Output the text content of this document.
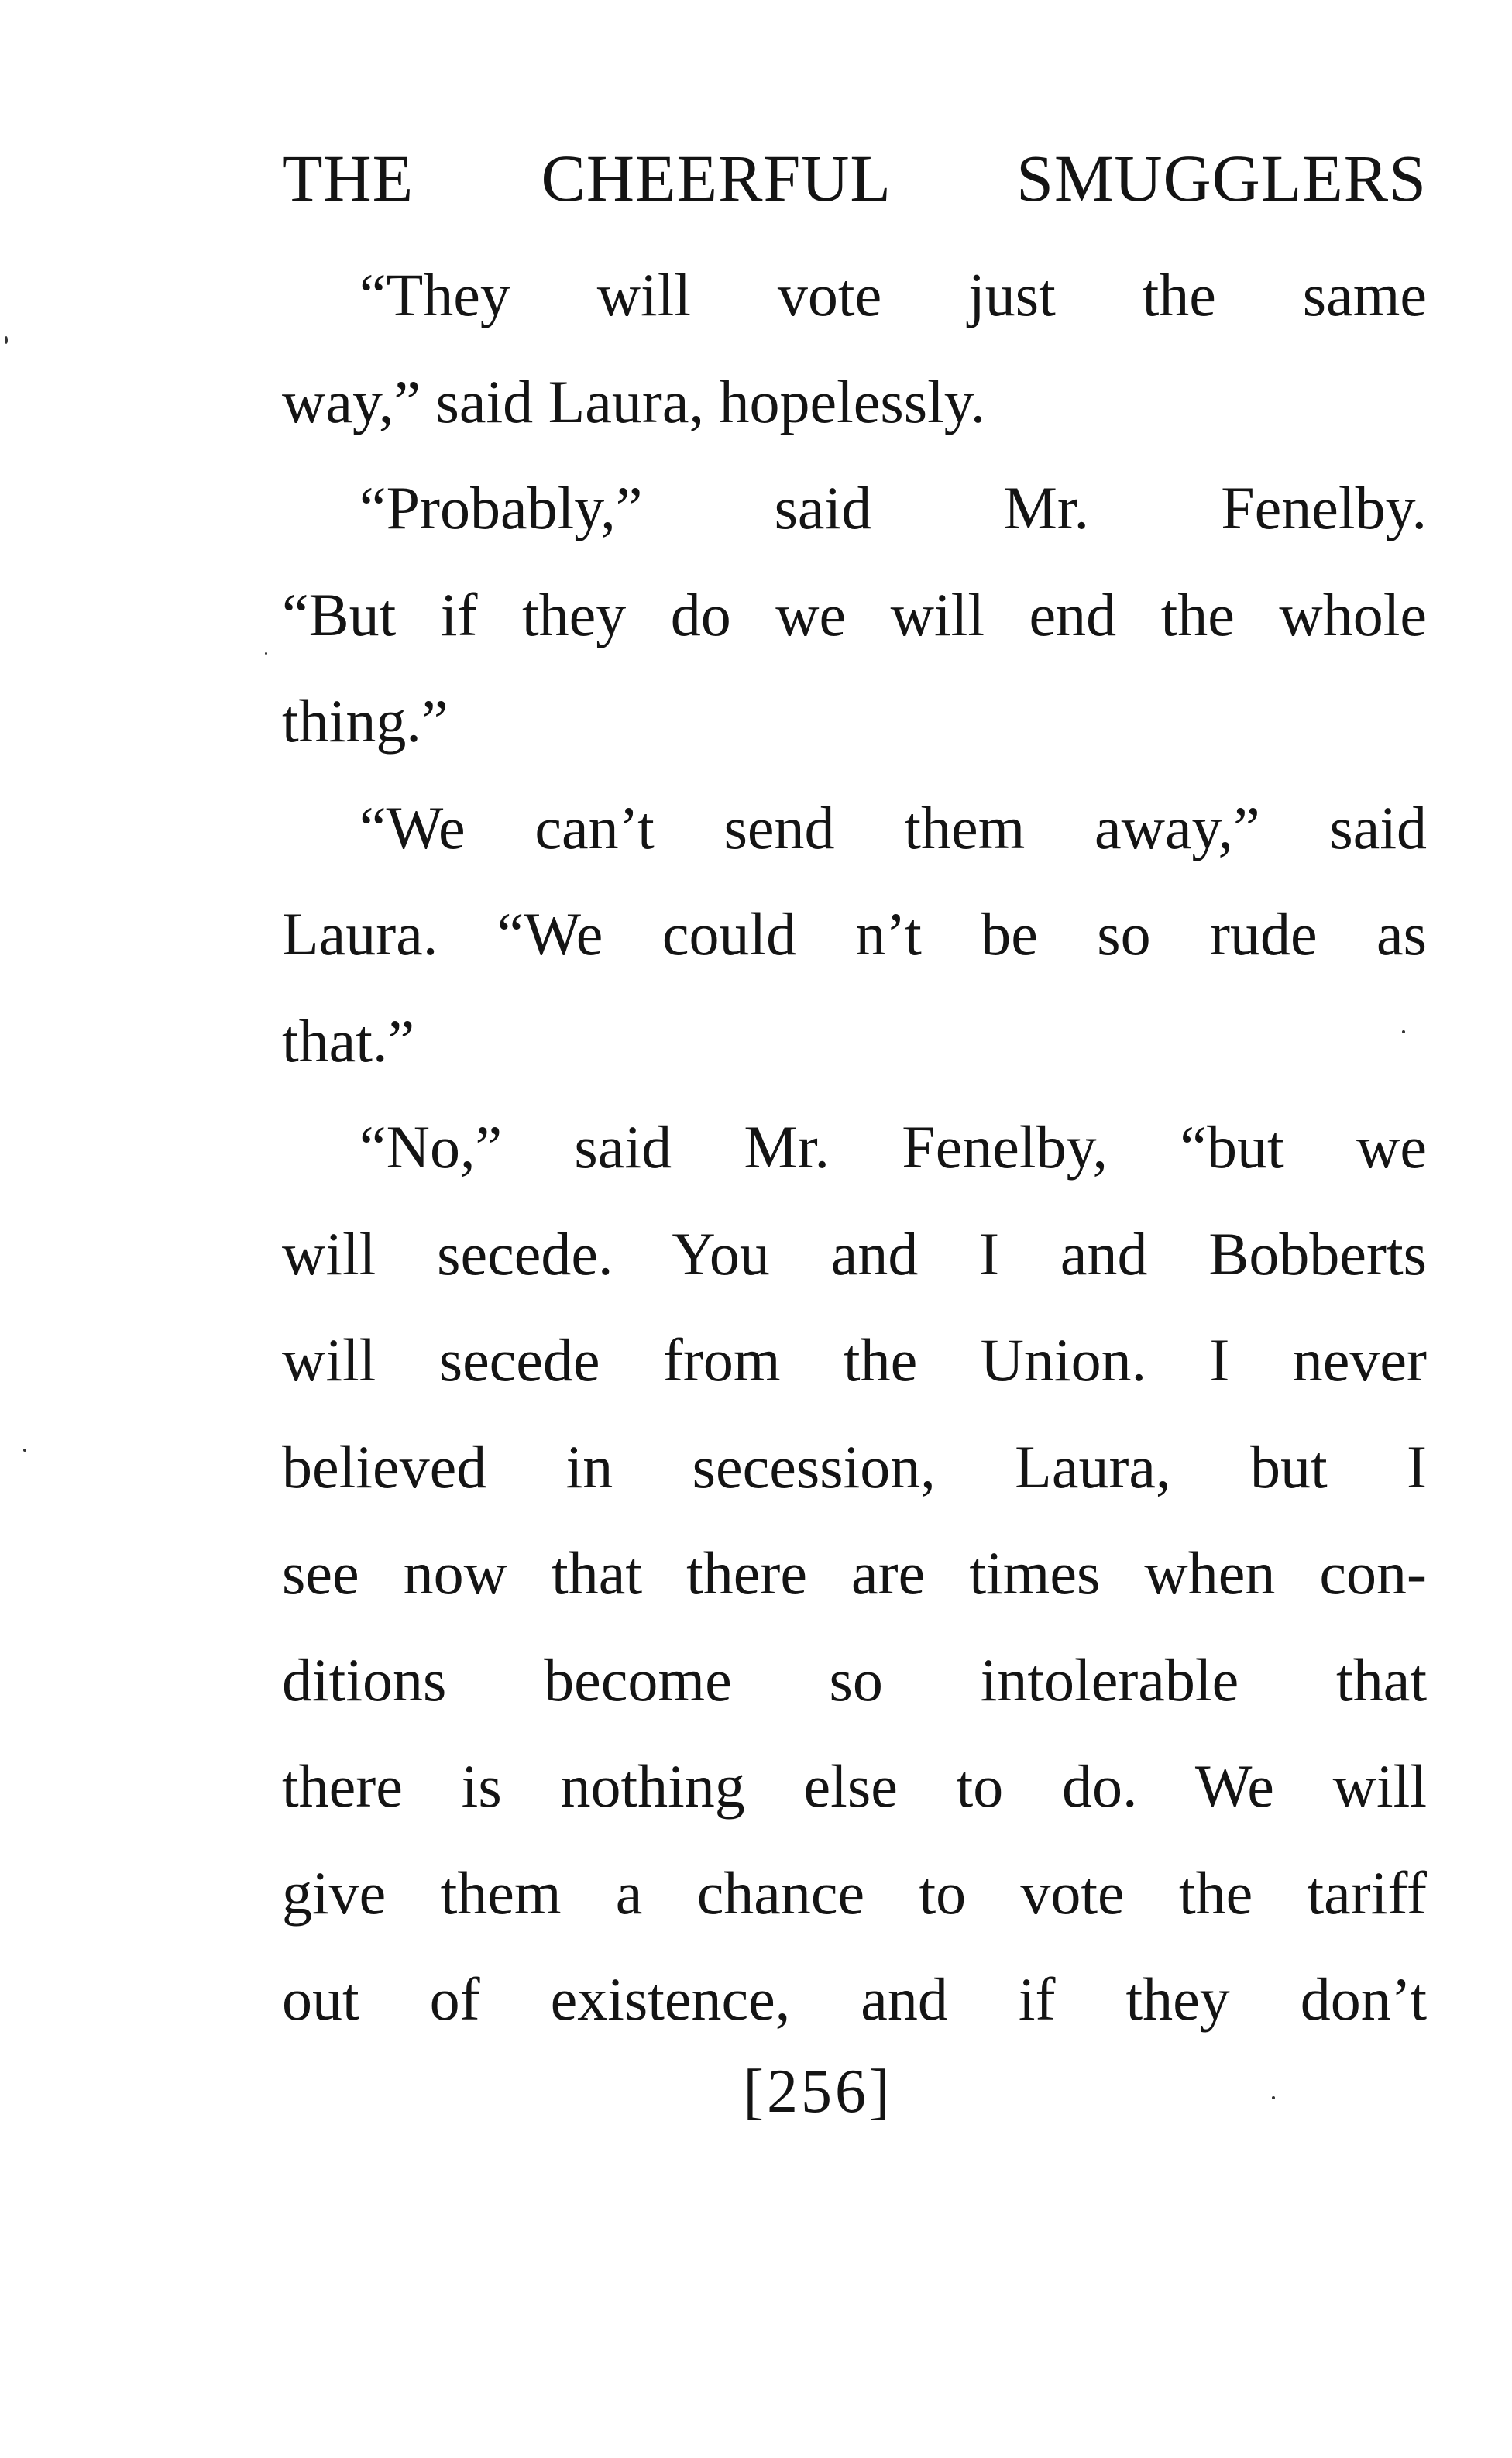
THE CHEERFUL SMUGGLERS

“They will vote just the same
way,” said Laura, hopelessly.

“Probably,” said Mr. Fenelby.
“But if they do we will end the whole
thing.”

“We can’t send them away,” said
Laura. “We could n’t be so rude as
that.”

“No,” said Mr. Fenelby, “but we
will secede. You and I and Bobberts
will secede from the Union. I never
believed in secession, Laura, but I
see now that there are times when con-
ditions become so intolerable that
there is nothing else to do. We will
give them a chance to vote the tariff
out of existence, and if they don’t

[256]
